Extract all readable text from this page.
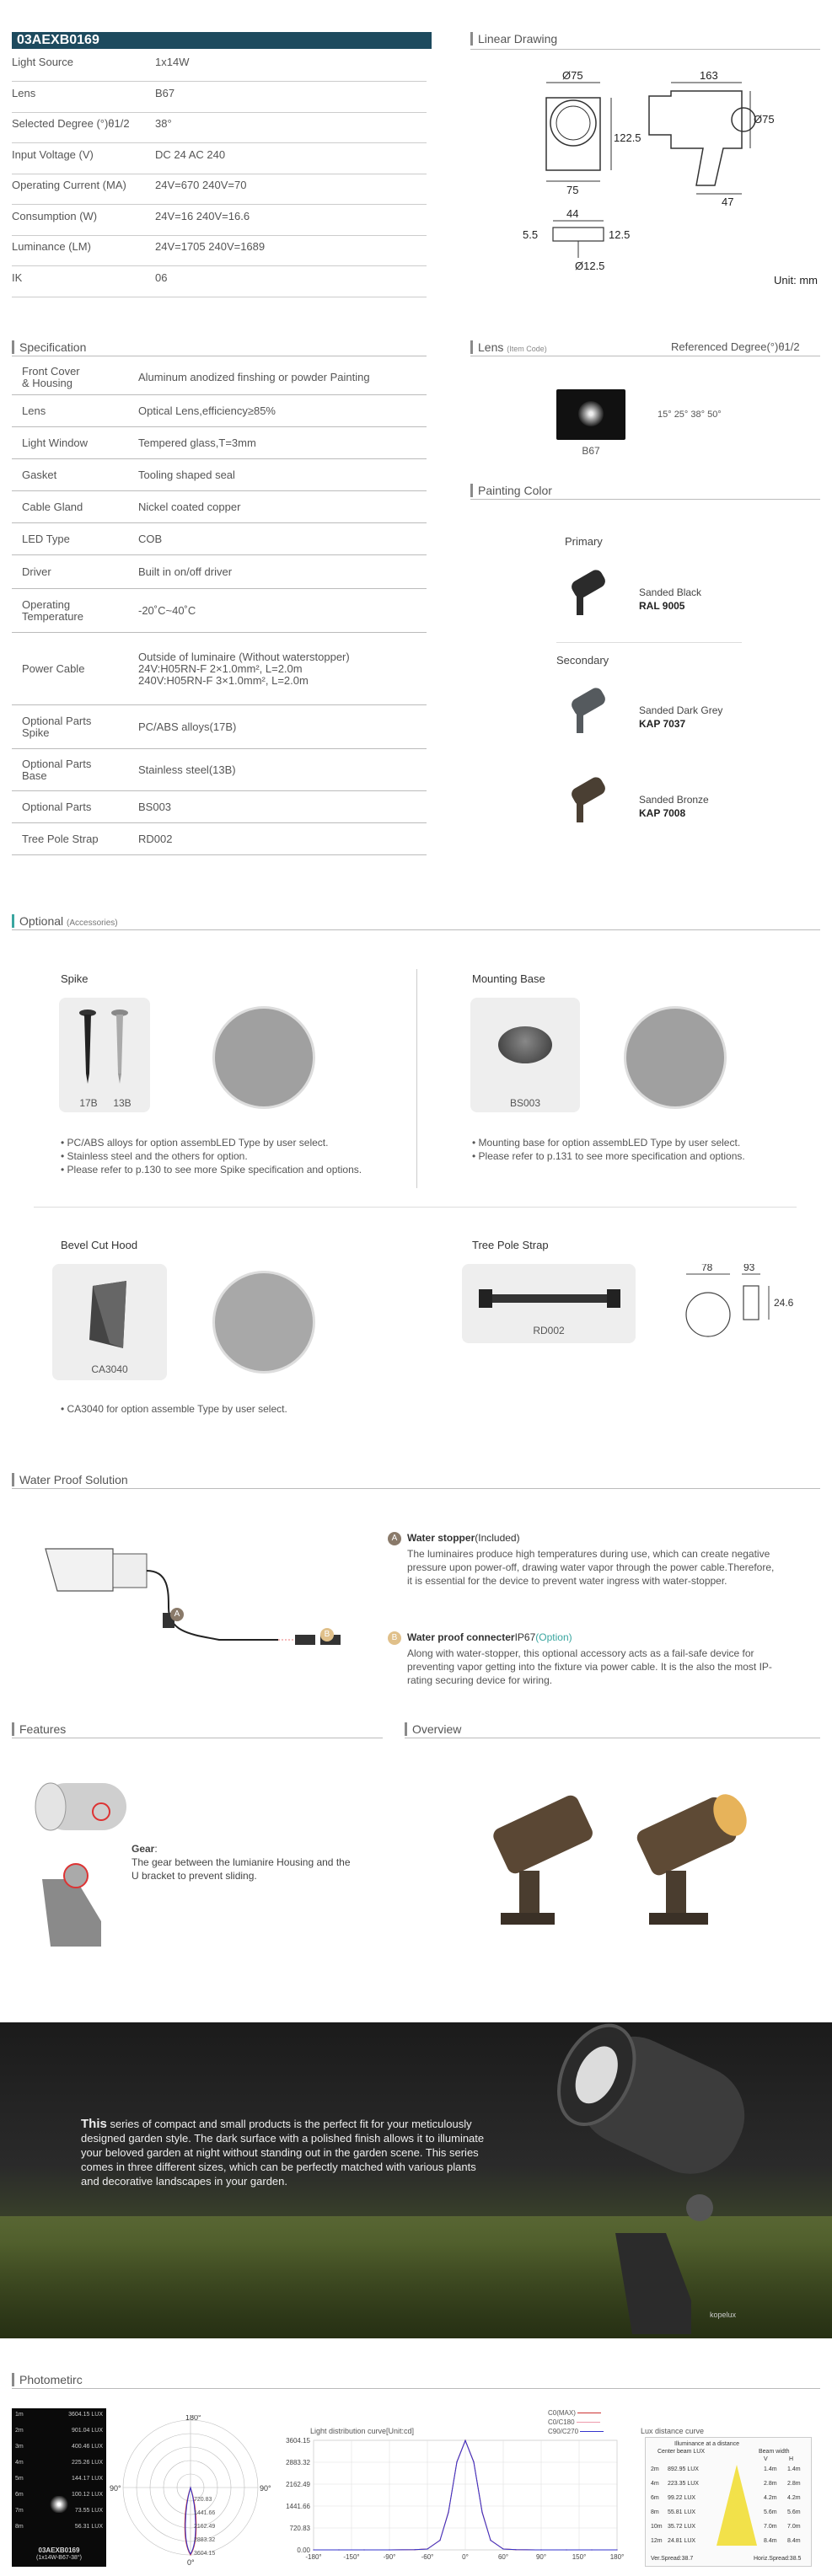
03AEXB0169
Light Source	1x14W
Lens	B67
Selected Degree (°)θ1/2 38°
Input Voltage (V)	DC 24 AC 240
Operating Current (MA)	24V=670 240V=70
Consumption (W)	24V=16 240V=16.6
Luminance (LM)	24V=1705 240V=1689
IK	06
Linear Drawing
Ø75
122.5
75
163
Ø75
47
44
5.5	12.5
Ø12.5
Unit: mm
Specification
Front Cover
& Housing	Aluminum anodized finshing or powder Painting
Lens	Optical Lens,efficiency≥85%
Light Window	Tempered glass,T=3mm
Gasket	Tooling shaped seal
Cable Gland	Nickel coated copper
LED Type	COB
Driver	Built in on/off driver
Operating
Temperature	-20˚C~40˚C
Power Cable
Outside of luminaire (Without waterstopper)
24V:H05RN-F 2×1.0mm², L=2.0m
240V:H05RN-F 3×1.0mm², L=2.0m
Optional Parts
Spike	PC/ABS alloys(17B)
Optional Parts
Base	Stainless steel(13B)
Optional Parts	BS003
Tree Pole Strap	RD002
Lens (Item Code)	Referenced Degree(°)θ1/2
B67
15° 25° 38° 50°
Painting Color
Primary
Secondary
Sanded Black
RAL 9005
Sanded Dark Grey
KAP 7037
Sanded Bronze
KAP 7008
Optional (Accessories)
Spike
17B	13B
• PC/ABS alloys for option assembLED Type by user select.
• Stainless steel and the others for option.
• Please refer to p.130 to see more Spike specification and options.
Mounting Base
BS003
• Mounting base for option assembLED Type by user select.
• Please refer to p.131 to see more specification and options.
Bevel Cut Hood
CA3040
• CA3040 for option assemble Type by user select.
Tree Pole Strap
RD002
78	93
24.6
Water Proof Solution
A
B
A Water stopper(Included)
The luminaires produce high temperatures during use, which can create negative pressure upon power-off, drawing water vapor through the power cable.Therefore, it is essential for the device to prevent water ingress with water-stopper.
B Water proof connecterIP67(Option)
Along with water-stopper, this optional accessory acts as a fail-safe device for preventing vapor getting into the fixture via power cable. It is the also the most IP-rating securing device for wiring.
Features	Overview
Gear:
The gear between the lumianire Housing and the U bracket to prevent sliding.
This series of compact and small products is the perfect fit for your meticulously designed garden style. The dark surface with a polished finish allows it to illuminate your beloved garden at night without standing out in the garden scene. This series comes in three different sizes, which can be perfectly matched with various plants and decorative landscapes in your garden.
kopelux
Photometirc
1m	3604.15 LUX
2m	901.04 LUX
3m	400.46 LUX
4m	225.26 LUX
5m	144.17 LUX
6m	100.12 LUX
7m	73.55 LUX
8m	56.31 LUX
03AEXB0169
(1x14W-B67-38°)
180°
90°
90°
0°
720.83
1441.66
2162.49
2883.32
3604.15
Light distribution curve[Unit:cd]
C0(MAX)
C0/C180
C90/C270
3604.15
2883.32
2162.49
1441.66
720.83
0.00
-180°	-150°	-90°	-60°	0°	60°	90°	150°	180°
Lux distance curve
Illuminance at a distance
Center beam LUX	Beam width
V	H
2m 892.95 LUX	1.4m 1.4m
4m 223.35 LUX	2.8m 2.8m
6m 99.22 LUX	4.2m 4.2m
8m 55.81 LUX	5.6m 5.6m
10m 35.72 LUX	7.0m 7.0m
12m 24.81 LUX	8.4m 8.4m
Ver.Spread:38.7	Horiz.Spread:38.5
